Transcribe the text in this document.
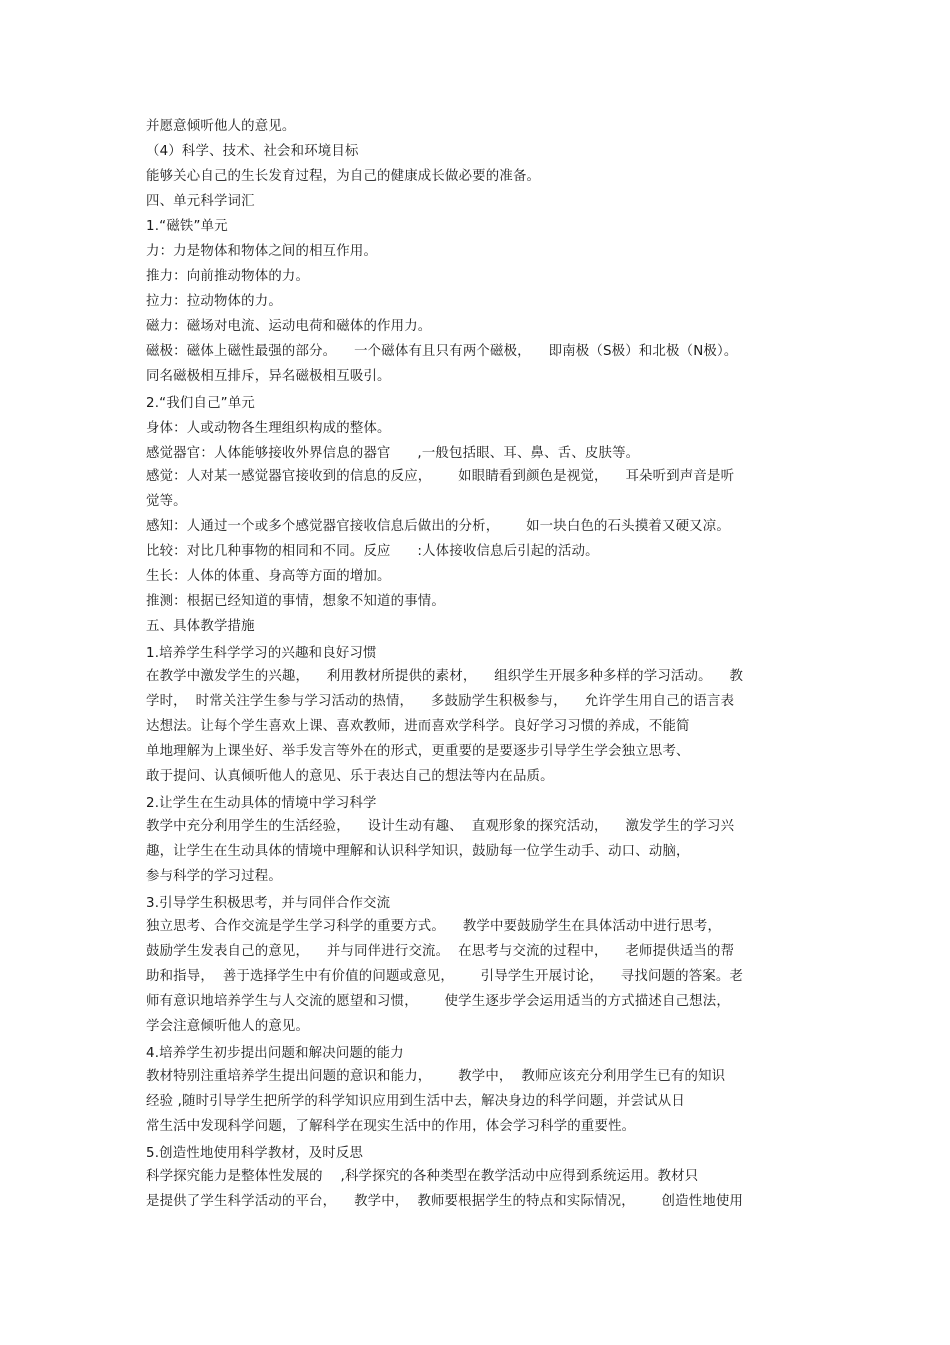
并愿意倾听他人的意见。
（4）科学、技术、社会和环境目标
能够关心自己的生长发育过程，为自己的健康成长做必要的准备。
四、单元科学词汇
1.“磁铁”单元
力：力是物体和物体之间的相互作用。
推力：向前推动物体的力。
拉力：拉动物体的力。
磁力：磁场对电流、运动电荷和磁体的作用力。
磁极：磁体上磁性最强的部分。    一个磁体有且只有两个磁极，    即南极（S极）和北极（N极）。
同名磁极相互排斥，异名磁极相互吸引。
2.“我们自己”单元
身体：人或动物各生理组织构成的整体。
感觉器官：人体能够接收外界信息的器官      ,一般包括眼、耳、鼻、舌、皮肤等。
感觉：人对某一感觉器官接收到的信息的反应，      如眼睛看到颜色是视觉，    耳朵听到声音是听
觉等。
感知：人通过一个或多个感觉器官接收信息后做出的分析，      如一块白色的石头摸着又硬又凉。
比较：对比几种事物的相同和不同。反应      :人体接收信息后引起的活动。
生长：人体的体重、身高等方面的增加。
推测：根据已经知道的事情，想象不知道的事情。
五、具体教学措施
1.培养学生科学学习的兴趣和良好习惯
在教学中激发学生的兴趣，    利用教材所提供的素材，    组织学生开展多种多样的学习活动。    教
学时，  时常关注学生参与学习活动的热情，    多鼓励学生积极参与，    允许学生用自己的语言表
达想法。让每个学生喜欢上课、喜欢教师，进而喜欢学科学。良好学习习惯的养成，不能简
单地理解为上课坐好、举手发言等外在的形式，更重要的是要逐步引导学生学会独立思考、
敢于提问、认真倾听他人的意见、乐于表达自己的想法等内在品质。
2.让学生在生动具体的情境中学习科学
教学中充分利用学生的生活经验，    设计生动有趣、  直观形象的探究活动，    激发学生的学习兴
趣，让学生在生动具体的情境中理解和认识科学知识，鼓励每一位学生动手、动口、动脑，
参与科学的学习过程。
3.引导学生积极思考，并与同伴合作交流
独立思考、合作交流是学生学习科学的重要方式。    教学中要鼓励学生在具体活动中进行思考，
鼓励学生发表自己的意见，    并与同伴进行交流。  在思考与交流的过程中，    老师提供适当的帮
助和指导，  善于选择学生中有价值的问题或意见，      引导学生开展讨论，    寻找问题的答案。老
师有意识地培养学生与人交流的愿望和习惯，      使学生逐步学会运用适当的方式描述自己想法，
学会注意倾听他人的意见。
4.培养学生初步提出问题和解决问题的能力
教材特别注重培养学生提出问题的意识和能力，      教学中，  教师应该充分利用学生已有的知识
经验 ,随时引导学生把所学的科学知识应用到生活中去，解决身边的科学问题，并尝试从日
常生活中发现科学问题，了解科学在现实生活中的作用，体会学习科学的重要性。
5.创造性地使用科学教材，及时反思
科学探究能力是整体性发展的    ,科学探究的各种类型在教学活动中应得到系统运用。教材只
是提供了学生科学活动的平台，    教学中，  教师要根据学生的特点和实际情况，      创造性地使用
